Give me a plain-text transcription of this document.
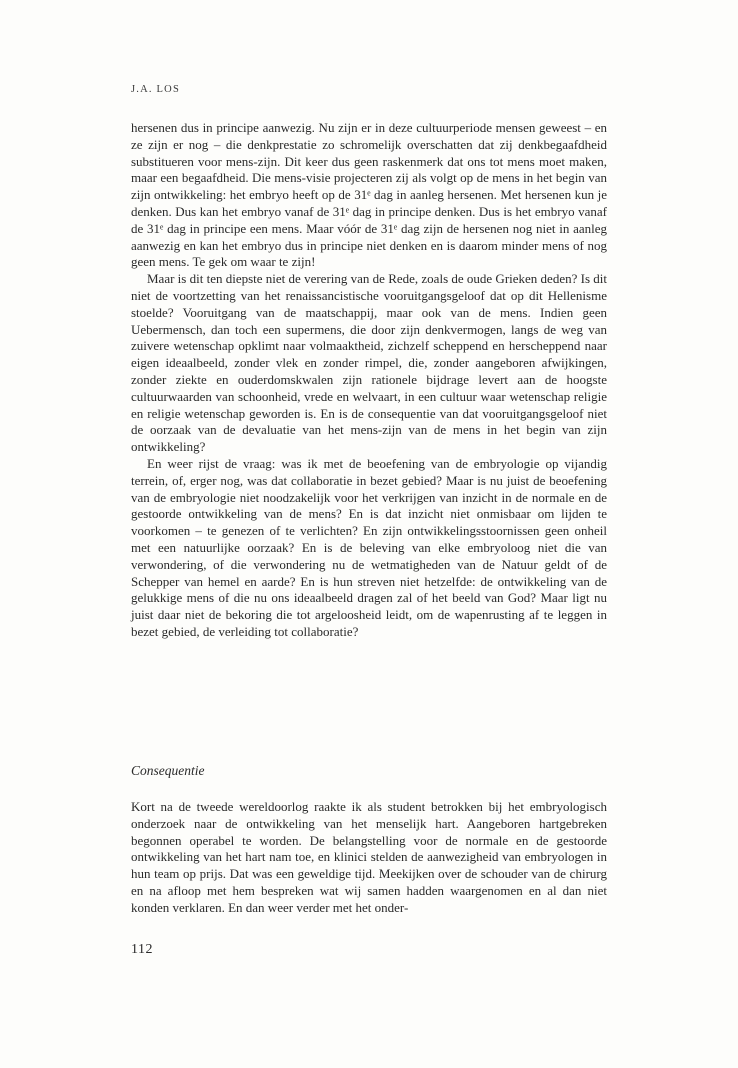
J.A. LOS

hersenen dus in principe aanwezig. Nu zijn er in deze cultuurperiode mensen geweest – en ze zijn er nog – die denkprestatie zo schromelijk overschatten dat zij denkbegaafdheid substitueren voor mens-zijn. Dit keer dus geen raskenmerk dat ons tot mens moet maken, maar een begaafdheid. Die mens-visie projecteren zij als volgt op de mens in het begin van zijn ontwikkeling: het embryo heeft op de 31ᵉ dag in aanleg hersenen. Met hersenen kun je denken. Dus kan het embryo vanaf de 31ᵉ dag in principe denken. Dus is het embryo vanaf de 31ᵉ dag in principe een mens. Maar vóór de 31ᵉ dag zijn de hersenen nog niet in aanleg aanwezig en kan het embryo dus in principe niet denken en is daarom minder mens of nog geen mens. Te gek om waar te zijn!

Maar is dit ten diepste niet de verering van de Rede, zoals de oude Grieken deden? Is dit niet de voortzetting van het renaissancistische vooruitgangsgeloof dat op dit Hellenisme stoelde? Vooruitgang van de maatschappij, maar ook van de mens. Indien geen Uebermensch, dan toch een supermens, die door zijn denkvermogen, langs de weg van zuivere wetenschap opklimt naar volmaaktheid, zichzelf scheppend en herscheppend naar eigen ideaalbeeld, zonder vlek en zonder rimpel, die, zonder aangeboren afwijkingen, zonder ziekte en ouderdomskwalen zijn rationele bijdrage levert aan de hoogste cultuurwaarden van schoonheid, vrede en welvaart, in een cultuur waar wetenschap religie en religie wetenschap geworden is. En is de consequentie van dat vooruitgangsgeloof niet de oorzaak van de devaluatie van het mens-zijn van de mens in het begin van zijn ontwikkeling?

En weer rijst de vraag: was ik met de beoefening van de embryologie op vijandig terrein, of, erger nog, was dat collaboratie in bezet gebied? Maar is nu juist de beoefening van de embryologie niet noodzakelijk voor het verkrijgen van inzicht in de normale en de gestoorde ontwikkeling van de mens? En is dat inzicht niet onmisbaar om lijden te voorkomen – te genezen of te verlichten? En zijn ontwikkelingsstoornissen geen onheil met een natuurlijke oorzaak? En is de beleving van elke embryoloog niet die van verwondering, of die verwondering nu de wetmatigheden van de Natuur geldt of de Schepper van hemel en aarde? En is hun streven niet hetzelfde: de ontwikkeling van de gelukkige mens of die nu ons ideaalbeeld dragen zal of het beeld van God? Maar ligt nu juist daar niet de bekoring die tot argeloosheid leidt, om de wapenrusting af te leggen in bezet gebied, de verleiding tot collaboratie?

Consequentie

Kort na de tweede wereldoorlog raakte ik als student betrokken bij het embryologisch onderzoek naar de ontwikkeling van het menselijk hart. Aangeboren hartgebreken begonnen operabel te worden. De belangstelling voor de normale en de gestoorde ontwikkeling van het hart nam toe, en klinici stelden de aanwezigheid van embryologen in hun team op prijs. Dat was een geweldige tijd. Meekijken over de schouder van de chirurg en na afloop met hem bespreken wat wij samen hadden waargenomen en al dan niet konden verklaren. En dan weer verder met het onder-

112
